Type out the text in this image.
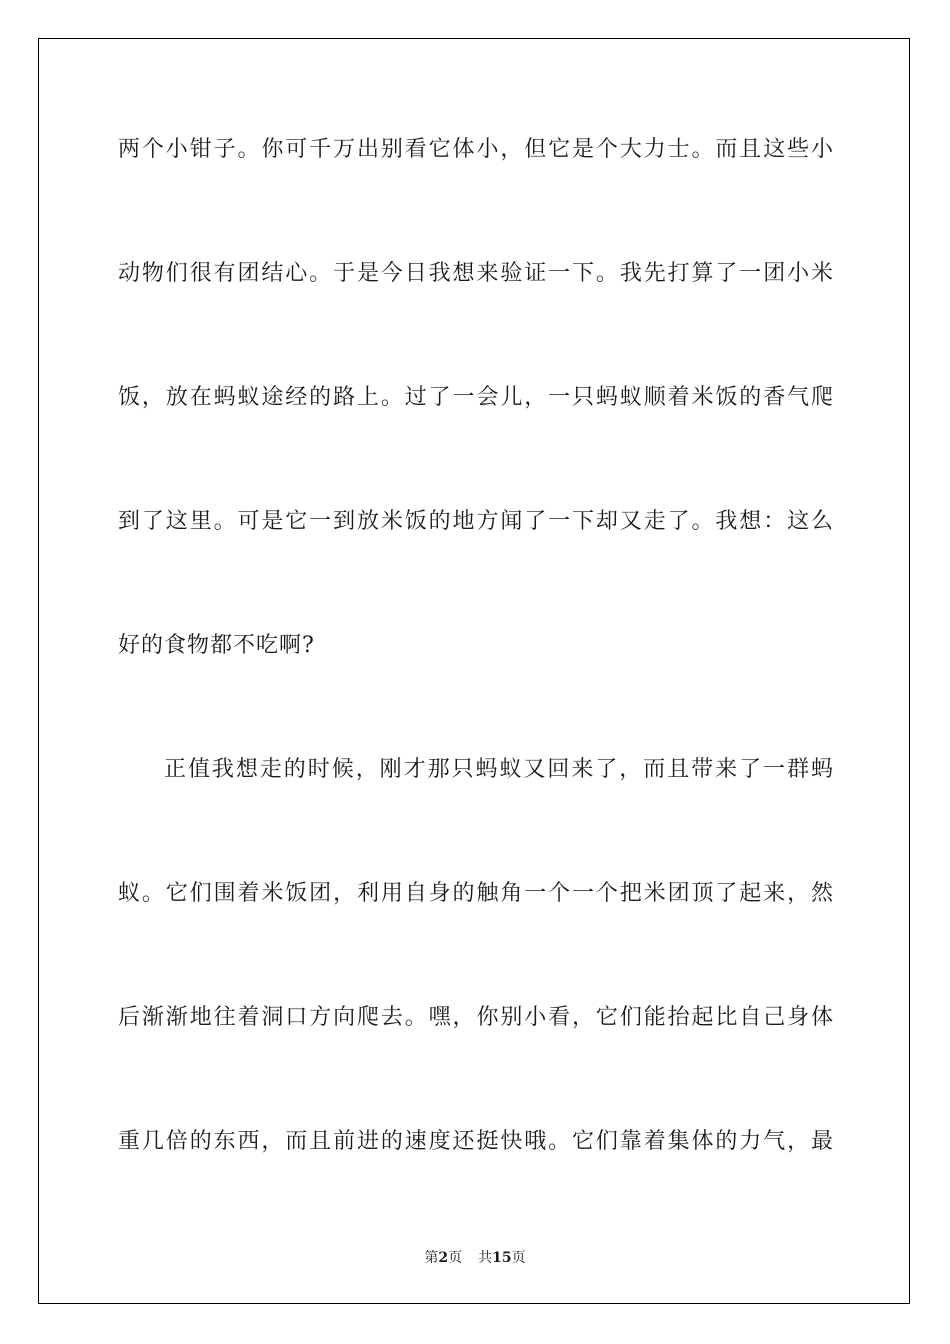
两个小钳子。你可千万出别看它体小，但它是个大力士。而且这些小
动物们很有团结心。于是今日我想来验证一下。我先打算了一团小米
饭，放在蚂蚁途经的路上。过了一会儿，一只蚂蚁顺着米饭的香气爬
到了这里。可是它一到放米饭的地方闻了一下却又走了。我想：这么
好的食物都不吃啊?
正值我想走的时候，刚才那只蚂蚁又回来了，而且带来了一群蚂
蚁。它们围着米饭团，利用自身的触角一个一个把米团顶了起来，然
后渐渐地往着洞口方向爬去。嘿，你别小看，它们能抬起比自己身体
重几倍的东西，而且前进的速度还挺快哦。它们靠着集体的力气，最
第2页 共15页
